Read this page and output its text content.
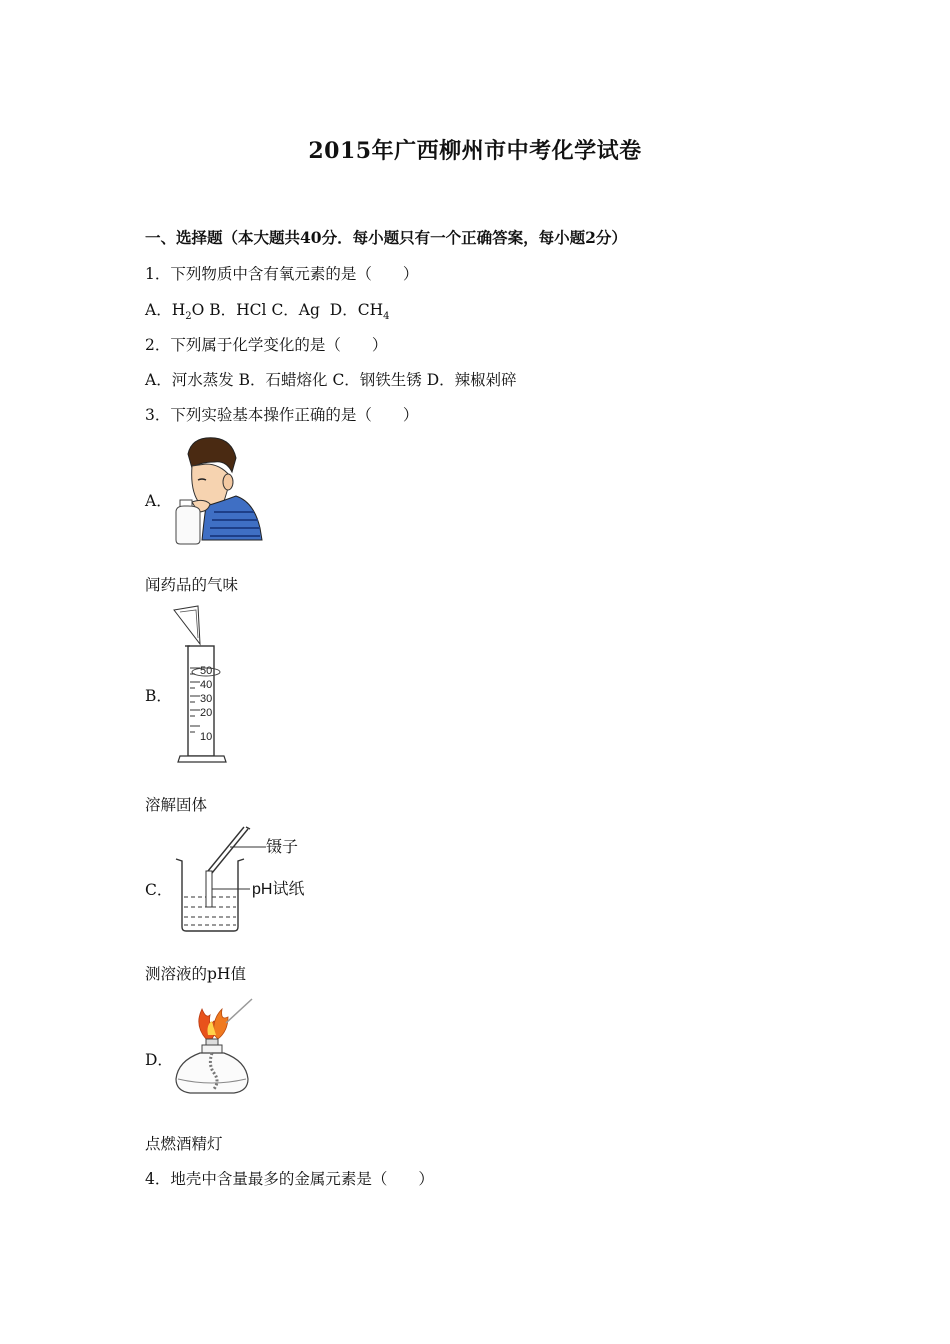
2015年广西柳州市中考化学试卷
一、选择题（本大题共40分．每小题只有一个正确答案，每小题2分）
1．下列物质中含有氧元素的是（　　）
A．$H_2O$ B．HCl C．Ag D．$CH_4$
2．下列属于化学变化的是（　　）
A．河水蒸发 B．石蜡熔化 C．钢铁生锈 D．辣椒剁碎
3．下列实验基本操作正确的是（　　）
A．
闻药品的气味
B．
50
40
30
20
10
溶解固体
C．
镊子
pH试纸
测溶液的pH值
D．
点燃酒精灯
4．地壳中含量最多的金属元素是（　　）
